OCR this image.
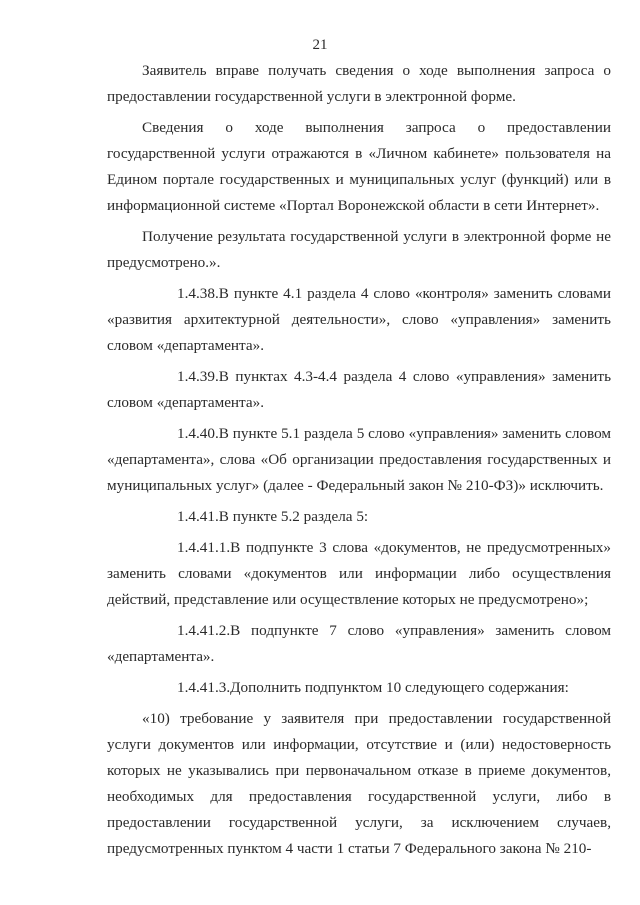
21

Заявитель вправе получать сведения о ходе выполнения запроса о предоставлении государственной услуги в электронной форме.

Сведения о ходе выполнения запроса о предоставлении государственной услуги отражаются в «Личном кабинете» пользователя на Едином портале государственных и муниципальных услуг (функций) или в информационной системе «Портал Воронежской области в сети Интернет».

Получение результата государственной услуги в электронной форме не предусмотрено.».

1.4.38.В пункте 4.1 раздела 4 слово «контроля» заменить словами «развития архитектурной деятельности», слово «управления» заменить словом «департамента».

1.4.39.В пунктах 4.3-4.4 раздела 4 слово «управления» заменить словом «департамента».

1.4.40.В пункте 5.1 раздела 5 слово «управления» заменить словом «департамента», слова «Об организации предоставления государственных и муниципальных услуг» (далее - Федеральный закон № 210-ФЗ)» исключить.

1.4.41.В пункте 5.2 раздела 5:

1.4.41.1.В подпункте 3 слова «документов, не предусмотренных» заменить словами «документов или информации либо осуществления действий, представление или осуществление которых не предусмотрено»;

1.4.41.2.В подпункте 7 слово «управления» заменить словом «департамента».

1.4.41.3.Дополнить подпунктом 10 следующего содержания:

«10) требование у заявителя при предоставлении государственной услуги документов или информации, отсутствие и (или) недостоверность которых не указывались при первоначальном отказе в приеме документов, необходимых для предоставления государственной услуги, либо в предоставлении государственной услуги, за исключением случаев, предусмотренных пунктом 4 части 1 статьи 7 Федерального закона № 210-
